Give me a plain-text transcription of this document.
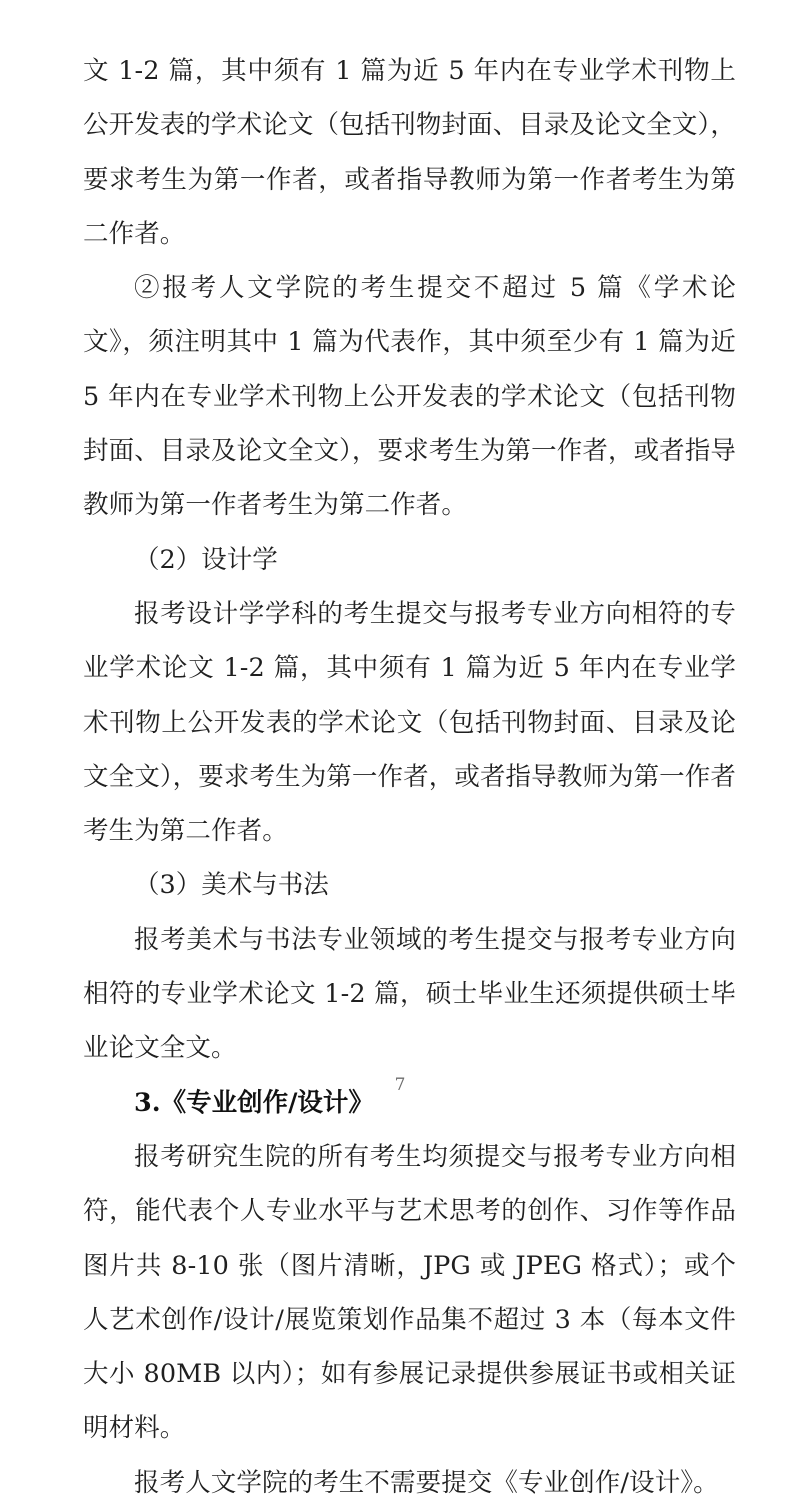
文 1-2 篇，其中须有 1 篇为近 5 年内在专业学术刊物上公开发表的学术论文（包括刊物封面、目录及论文全文），要求考生为第一作者，或者指导教师为第一作者考生为第二作者。

②报考人文学院的考生提交不超过 5 篇《学术论文》，须注明其中 1 篇为代表作，其中须至少有 1 篇为近 5 年内在专业学术刊物上公开发表的学术论文（包括刊物封面、目录及论文全文），要求考生为第一作者，或者指导教师为第一作者考生为第二作者。

（2）设计学

报考设计学学科的考生提交与报考专业方向相符的专业学术论文 1-2 篇，其中须有 1 篇为近 5 年内在专业学术刊物上公开发表的学术论文（包括刊物封面、目录及论文全文），要求考生为第一作者，或者指导教师为第一作者考生为第二作者。

（3）美术与书法

报考美术与书法专业领域的考生提交与报考专业方向相符的专业学术论文 1-2 篇，硕士毕业生还须提供硕士毕业论文全文。

3.《专业创作/设计》

报考研究生院的所有考生均须提交与报考专业方向相符，能代表个人专业水平与艺术思考的创作、习作等作品图片共 8-10 张（图片清晰，JPG 或 JPEG 格式）；或个人艺术创作/设计/展览策划作品集不超过 3 本（每本文件大小 80MB 以内）；如有参展记录提供参展证书或相关证明材料。

报考人文学院的考生不需要提交《专业创作/设计》。

7
